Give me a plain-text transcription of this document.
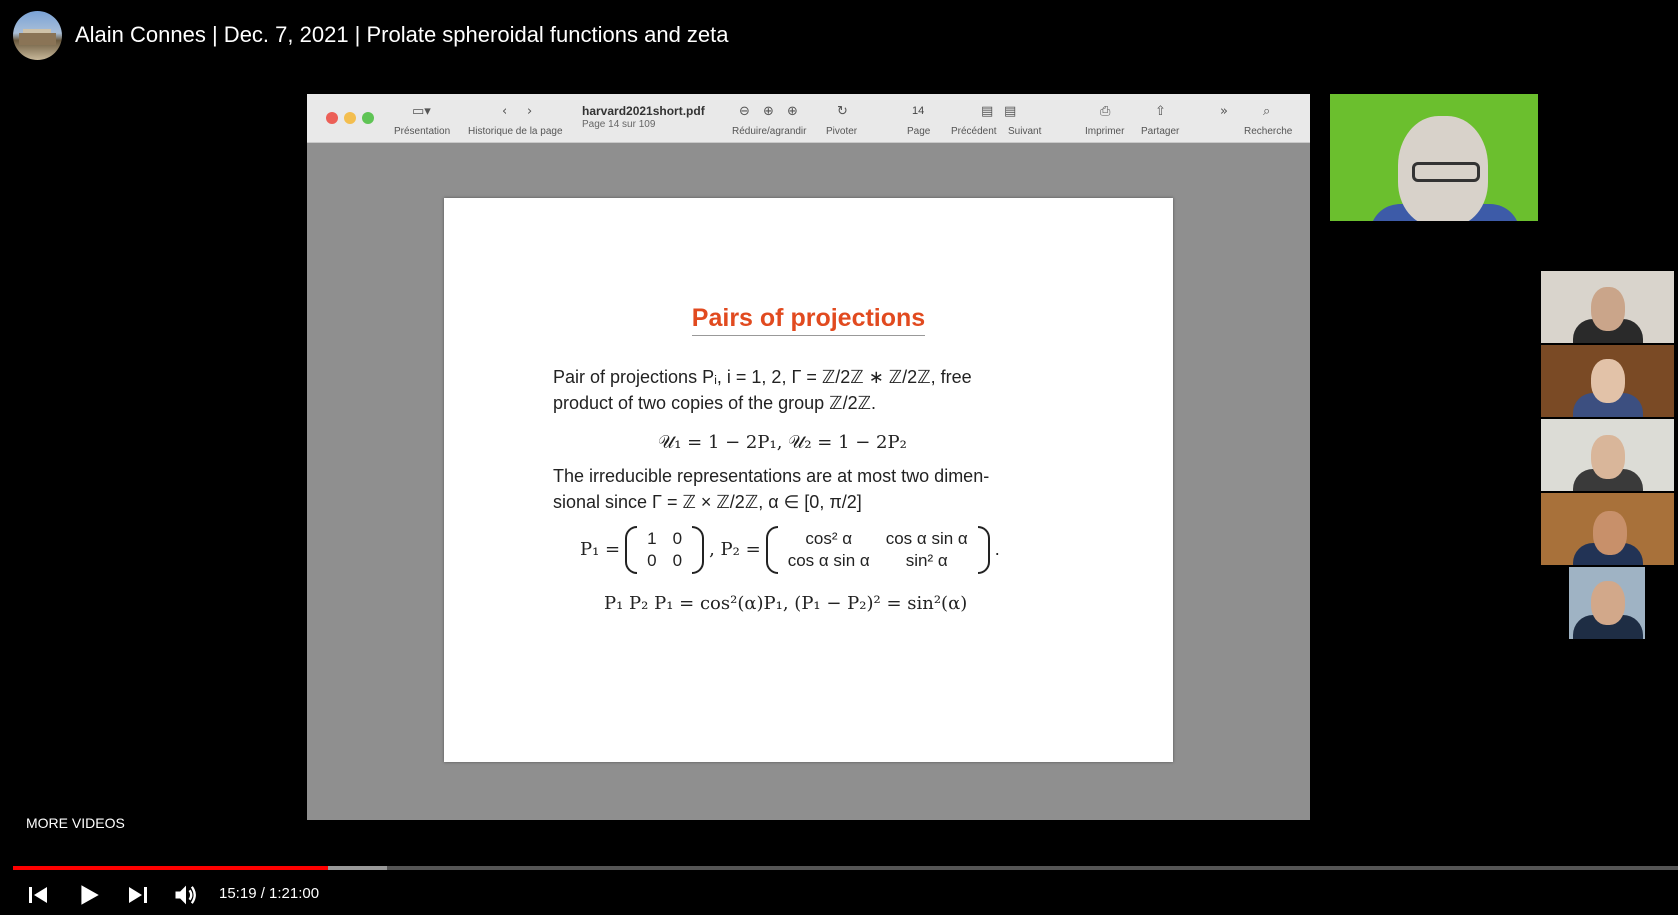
Alain Connes | Dec. 7, 2021 | Prolate spheroidal functions and zeta
▭▾
Présentation
‹ ›
Historique de la page
harvard2021short.pdf
Page 14 sur 109
⊖ ⊕ ⊕
Réduire/agrandir
↻
Pivoter
14
Page
▤ ▤
Précédent Suivant
⎙
Imprimer
⇧
Partager
»	⌕
Recherche
Pairs of projections
Pair of projections Pᵢ, i = 1, 2, Γ = ℤ/2ℤ ∗ ℤ/2ℤ, free
product of two copies of the group ℤ/2ℤ.
𝒰₁ = 1 − 2P₁, 𝒰₂ = 1 − 2P₂
The irreducible representations are at most two dimen-
sional since Γ = ℤ × ℤ/2ℤ, α ∈ [0, π/2]
P₁ =
1	0
0	0
, P₂ =
cos² α	cos α sin α
cos α sin α	sin² α
.
P₁ P₂ P₁ = cos²(α)P₁, (P₁ − P₂)² = sin²(α)
MORE VIDEOS
15:19 / 1:21:00
